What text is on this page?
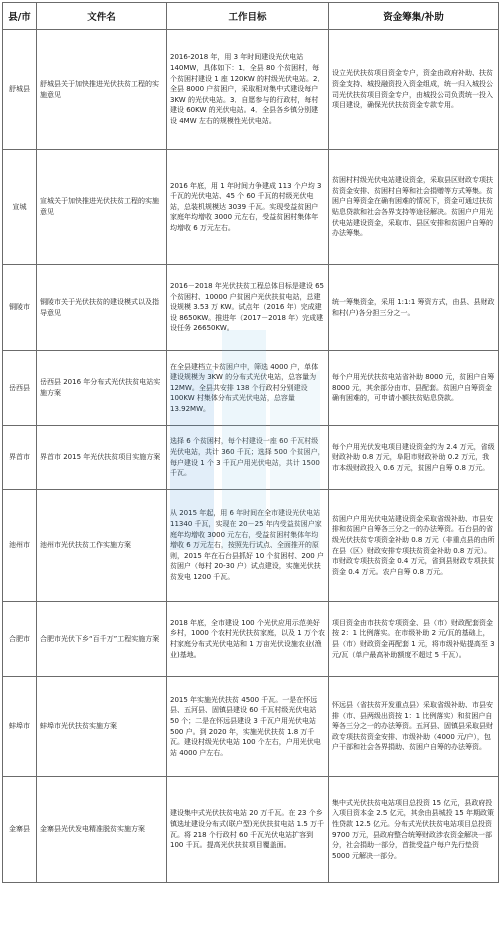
县/市	文件名	工作目标	资金筹集/补助
舒城县	舒城县关于加快推进光伏扶贫工程的实施意见	2016-2018 年，用 3 年时间建设光伏电站 140MW，具体如下：1．全县 80 个贫困村，每个贫困村建设 1 座 120KW 的村级光伏电站。2．全县 8000 户贫困户，采取相对集中式建设每户 3KW 的光伏电站。3．自愿参与的行政村，每村建设 60KW 的光伏电站。4．全县各乡镇分别建设 4MW 左右的规模性光伏电站。	设立光伏扶贫项目资金专户，资金由政府补助、扶贫资金支持、城投融资投入资金组成，统一归入城投公司光伏扶贫项目资金专户，由城投公司负责统一投入项目建设，确保光伏扶贫资金专款专用。
宣城	宣城关于加快推进光伏扶贫工程的实施意见	2016 年底，用 1 年时间力争建成 113 个户均 3 千瓦的光伏电站、45 个 60 千瓦的村级光伏电站，总装机规模达 3039 千瓦。实现受益贫困户家庭年均增收 3000 元左右，受益贫困村集体年均增收 6 万元左右。	贫困村村级光伏电站建设资金，采取县区财政专项扶贫资金安排、贫困村自筹和社会捐赠等方式筹集。贫困户自筹资金在确有困难的情况下，资金可通过扶贫贴息贷款和社会各界支持等途径解决。贫困户户用光伏电站建设资金，采取市、县区安排和贫困户自筹的办法筹集。
铜陵市	铜陵市关于光伏扶贫的建设模式以及指导意见	2016－2018 年光伏扶贫工程总体目标是建设 65 个贫困村、10000 户贫困户光伏扶贫电站，总建设规模 3.53 万 KW。试点年（2016 年）完成建设 8650KW。推进年（2017－2018 年）完成建设任务 26650KW。	统一筹集资金，采用 1:1:1 筹资方式，由县、县财政和村(户)各分担三分之一。
岳西县	岳西县 2016 年分布式光伏扶贫电站实施方案	在全县建档立卡贫困户中，筛选 4000 户，单体建设规模为 3KW 的分布式光伏电站，总容量为 12MW。全县共安排 138 个行政村分别建设 100KW 村集体分布式光伏电站，总容量 13.92MW。	每个户用光伏扶贫电站省补助 8000 元，贫困户自筹 8000 元，其余部分由市、县配套。贫困户自筹资金确有困难的，可申请小额扶贫贴息贷款。
界首市	界首市 2015 年光伏扶贫项目实施方案	选择 6 个贫困村，每个村建设一座 60 千瓦村级光伏电站，共计 360 千瓦；选择 500 个贫困户，每户建设 1 个 3 千瓦户用光伏电站，共计 1500 千瓦。	每个户用光伏发电项目建设资金约为 2.4 万元，省级财政补助 0.8 万元，阜阳市财政补助 0.2 万元，我市本级财政投入 0.6 万元，贫困户自筹 0.8 万元。
池州市	池州市光伏扶贫工作实施方案	从 2015 年起，用 6 年时间在全市建设光伏电站 11340 千瓦，实现在 20－25 年内受益贫困户家庭年均增收 3000 元左右，受益贫困村集体年均增收 6 万元左右，按照先行试点、全面推开的原则，2015 年在石台县抓好 10 个贫困村、200 户贫困户（每村 20-30 户）试点建设，实施光伏扶贫发电 1200 千瓦。	贫困户户用光伏电站建设资金采取省级补助、市县安排和贫困户自筹各三分之一的办法筹资。石台县的省级光伏扶贫专项资金补助 0.8 万元（非重点县的由所在县（区）财政安排专项扶贫资金补助 0.8 万元）。市财政专项扶贫资金 0.4 万元，省到县财政专项扶贫资金 0.4 万元。农户自筹 0.8 万元。
合肥市	合肥市光伏下乡“百千万”工程实施方案	2018 年底，全市建设 100 个光伏应用示范美好乡村，1000 个农村光伏扶贫家庭，以及 1 万个农村家庭分布式光伏电站和 1 万亩光伏设施农业(渔业)基地。	项目资金由市扶贫专项资金、县（市）财政配套资金按 2：1 比例落实。在市级补助 2 元/瓦的基础上，县（市）财政资金再配套 1 元，将市级补贴提高至 3 元/瓦（单户最高补助额度不超过 5 千瓦）。
蚌埠市	蚌埠市光伏扶贫实施方案	2015 年实施光伏扶贫 4500 千瓦。一是在怀远县、五河县、固镇县建设 60 千瓦村级光伏电站 50 个；二是在怀远县建设 3 千瓦户用光伏电站 500 户。到 2020 年，实施光伏扶贫 1.8 万千瓦。建设村级光伏电站 100 个左右，户用光伏电站 4000 户左右。	怀远县（省扶贫开发重点县）采取省级补助、市县安排（市、县两级出资按 1：1 比例落实）和贫困户自筹各三分之一的办法筹资。五河县、固镇县采取县财政专项扶贫资金安排、市级补助（4000 元/户），包户干部和社会各界捐助、贫困户自筹的办法筹资。
金寨县	金寨县光伏发电精准脱贫实施方案	建设集中式光伏扶贫电站 20 万千瓦。在 23 个乡镇选址建设分布式(联户型)光伏扶贫电站 1.5 万千瓦。将 218 个行政村 60 千瓦光伏电站扩容到 100 千瓦。提高光伏扶贫项目覆盖面。	集中式光伏扶贫电站项目总投资 15 亿元，县政府投入项目资本金 2.5 亿元，其余由县城投 15 年期政策性贷款 12.5 亿元。分布式光伏扶贫电站项目总投资 9700 万元，县政府整合统筹财政涉农资金解决一部分，社会捐助一部分，首批受益户每户先行垫资 5000 元解决一部分。
